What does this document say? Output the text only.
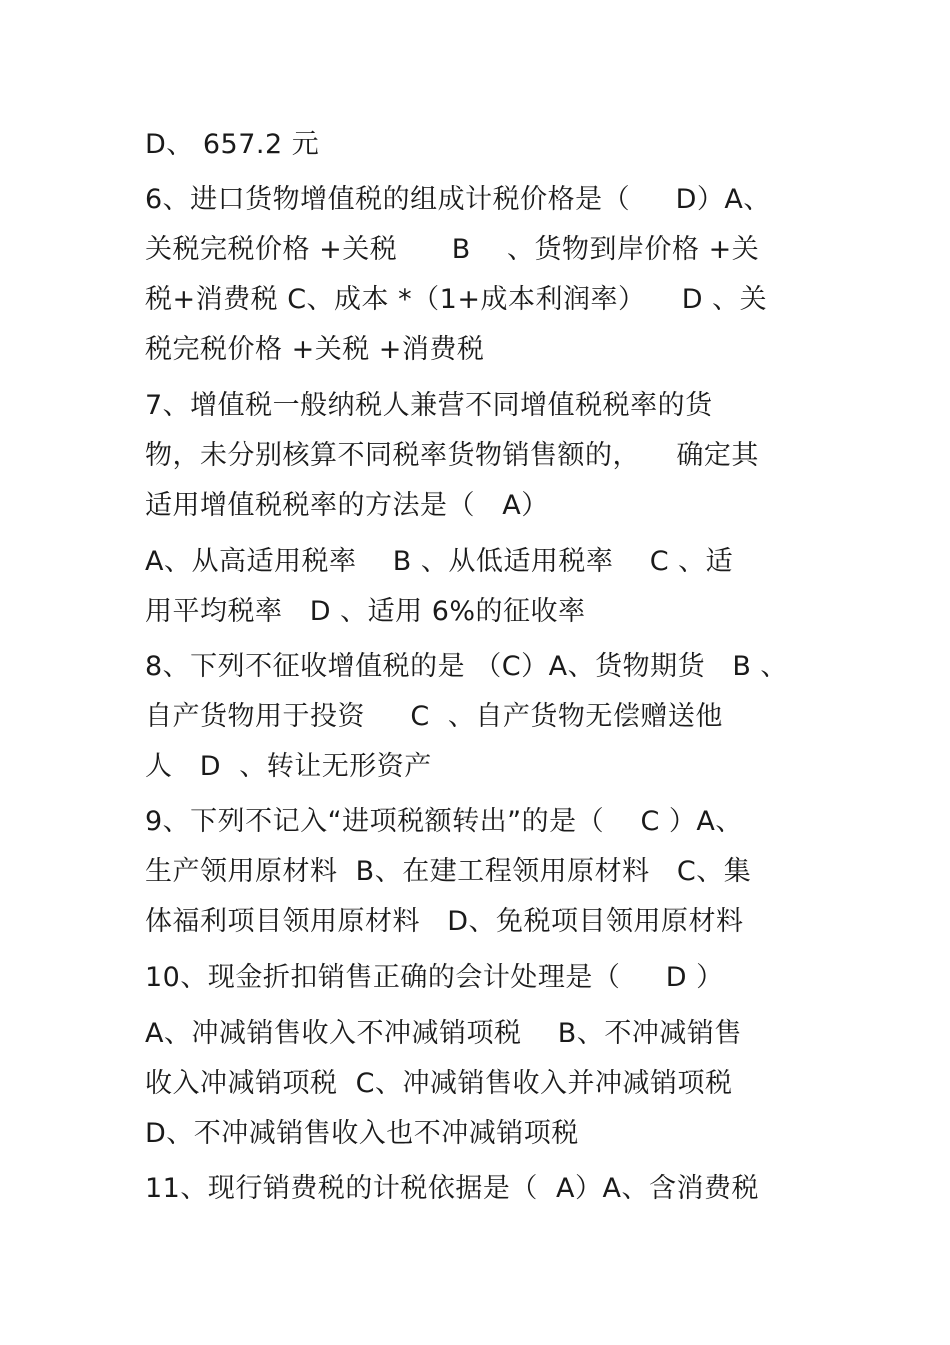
D、 657.2 元
6、进口货物增值税的组成计税价格是（     D）A、
关税完税价格 +关税      B    、货物到岸价格 +关
税+消费税 C、成本 *（1+成本利润率）    D 、关
税完税价格 +关税 +消费税
7、增值税一般纳税人兼营不同增值税税率的货
物，未分别核算不同税率货物销售额的，    确定其
适用增值税税率的方法是（   A）
A、从高适用税率    B 、从低适用税率    C 、适
用平均税率   D 、适用 6%的征收率
8、下列不征收增值税的是 （C）A、货物期货   B 、
自产货物用于投资     C  、自产货物无偿赠送他
人   D  、转让无形资产
9、下列不记入“进项税额转出”的是（    C ）A、
生产领用原材料  B、在建工程领用原材料   C、集
体福利项目领用原材料   D、免税项目领用原材料
10、现金折扣销售正确的会计处理是（     D ）
A、冲减销售收入不冲减销项税    B、不冲减销售
收入冲减销项税  C、冲减销售收入并冲减销项税
D、不冲减销售收入也不冲减销项税
11、现行销费税的计税依据是（  A）A、含消费税
